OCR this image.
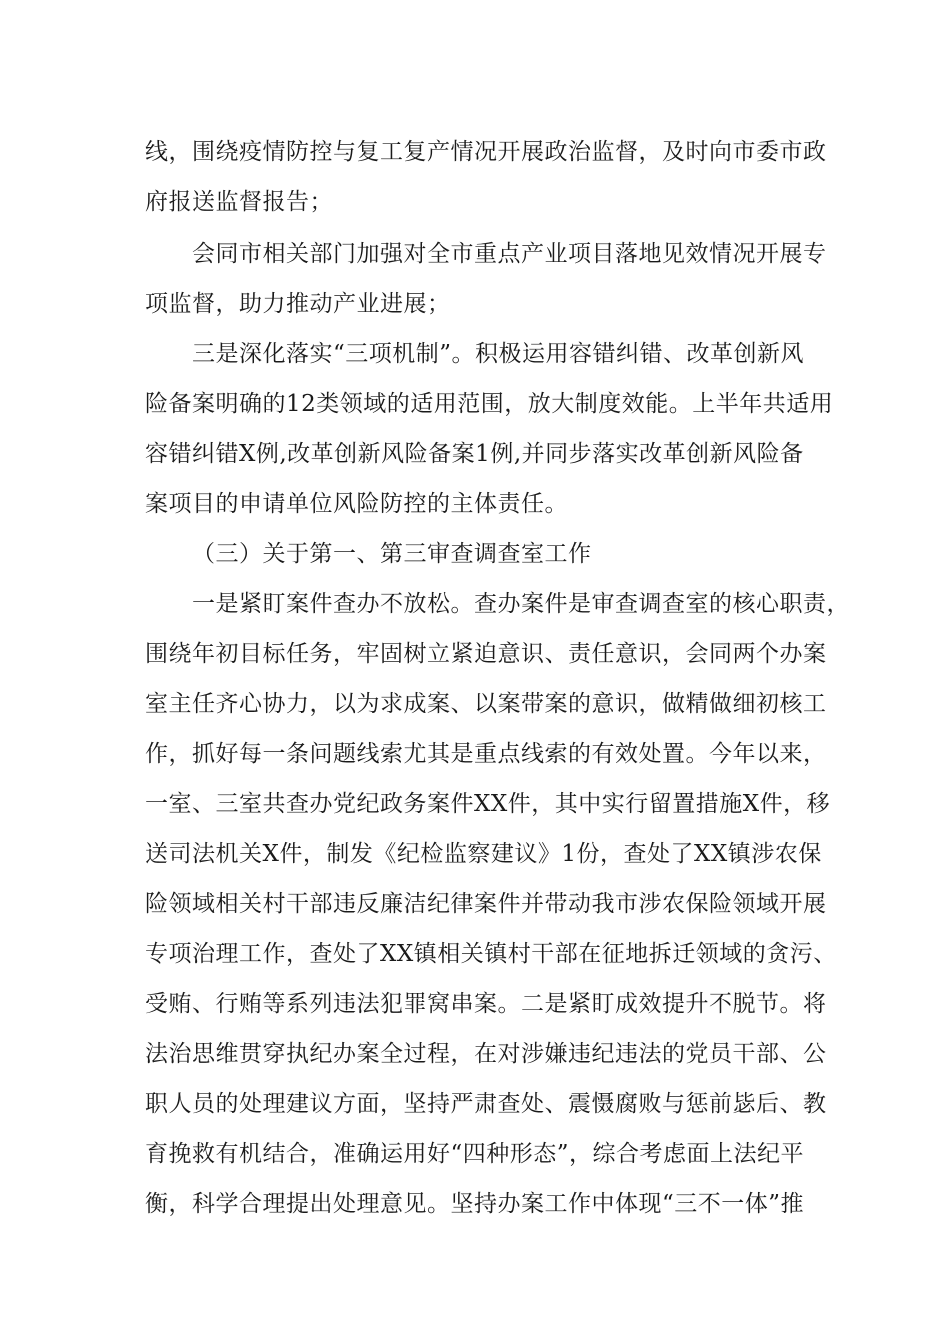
线，围绕疫情防控与复工复产情况开展政治监督，及时向市委市政
府报送监督报告；
会同市相关部门加强对全市重点产业项目落地见效情况开展专
项监督，助力推动产业进展；
三是深化落实“三项机制”。积极运用容错纠错、改革创新风
险备案明确的12类领域的适用范围，放大制度效能。上半年共适用
容错纠错X例,改革创新风险备案1例,并同步落实改革创新风险备
案项目的申请单位风险防控的主体责任。
（三）关于第一、第三审查调查室工作
一是紧盯案件查办不放松。查办案件是审查调查室的核心职责，
围绕年初目标任务，牢固树立紧迫意识、责任意识，会同两个办案
室主任齐心协力，以为求成案、以案带案的意识，做精做细初核工
作，抓好每一条问题线索尤其是重点线索的有效处置。今年以来，
一室、三室共查办党纪政务案件XX件，其中实行留置措施X件，移
送司法机关X件，制发《纪检监察建议》1份，查处了XX镇涉农保
险领域相关村干部违反廉洁纪律案件并带动我市涉农保险领域开展
专项治理工作，查处了XX镇相关镇村干部在征地拆迁领域的贪污、
受贿、行贿等系列违法犯罪窝串案。二是紧盯成效提升不脱节。将
法治思维贯穿执纪办案全过程，在对涉嫌违纪违法的党员干部、公
职人员的处理建议方面，坚持严肃查处、震慑腐败与惩前毖后、教
育挽救有机结合，准确运用好“四种形态”，综合考虑面上法纪平
衡，科学合理提出处理意见。坚持办案工作中体现“三不一体”推
